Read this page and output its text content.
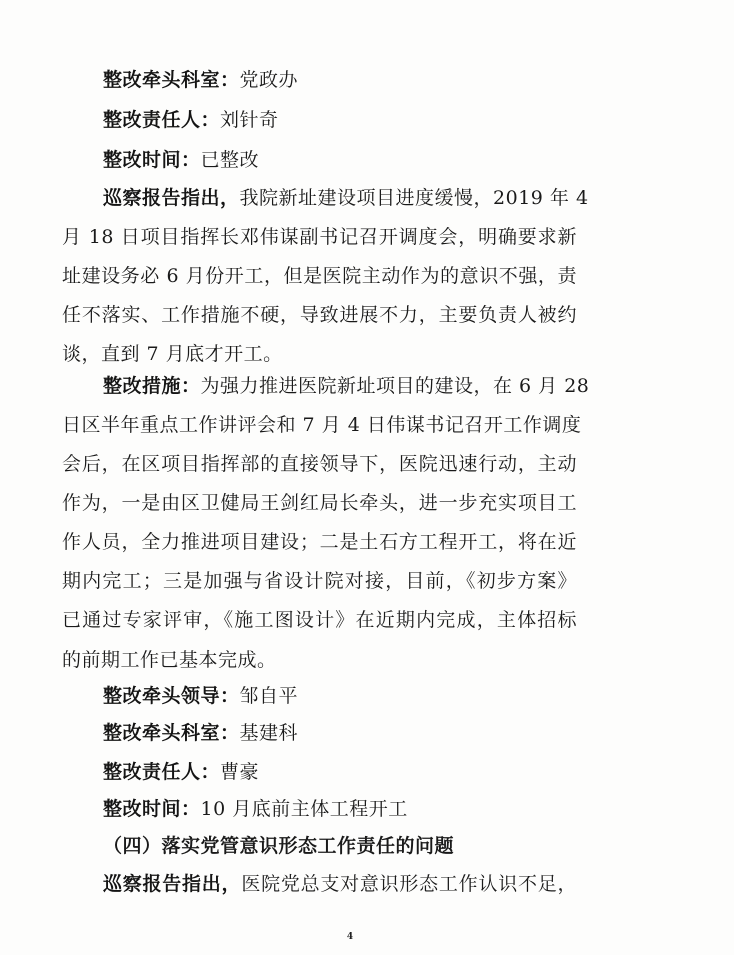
整改牵头科室：党政办
整改责任人：刘针奇
整改时间：已整改
巡察报告指出，我院新址建设项目进度缓慢，2019 年 4
月 18 日项目指挥长邓伟谋副书记召开调度会，明确要求新
址建设务必 6 月份开工，但是医院主动作为的意识不强，责
任不落实、工作措施不硬，导致进展不力，主要负责人被约
谈，直到 7 月底才开工。
整改措施：为强力推进医院新址项目的建设，在 6 月 28
日区半年重点工作讲评会和 7 月 4 日伟谋书记召开工作调度
会后，在区项目指挥部的直接领导下，医院迅速行动，主动
作为，一是由区卫健局王剑红局长牵头，进一步充实项目工
作人员，全力推进项目建设；二是土石方工程开工，将在近
期内完工；三是加强与省设计院对接，目前，《初步方案》
已通过专家评审，《施工图设计》在近期内完成，主体招标
的前期工作已基本完成。
整改牵头领导：邹自平
整改牵头科室：基建科
整改责任人：曹豪
整改时间：10 月底前主体工程开工
（四）落实党管意识形态工作责任的问题
巡察报告指出，医院党总支对意识形态工作认识不足，
4
